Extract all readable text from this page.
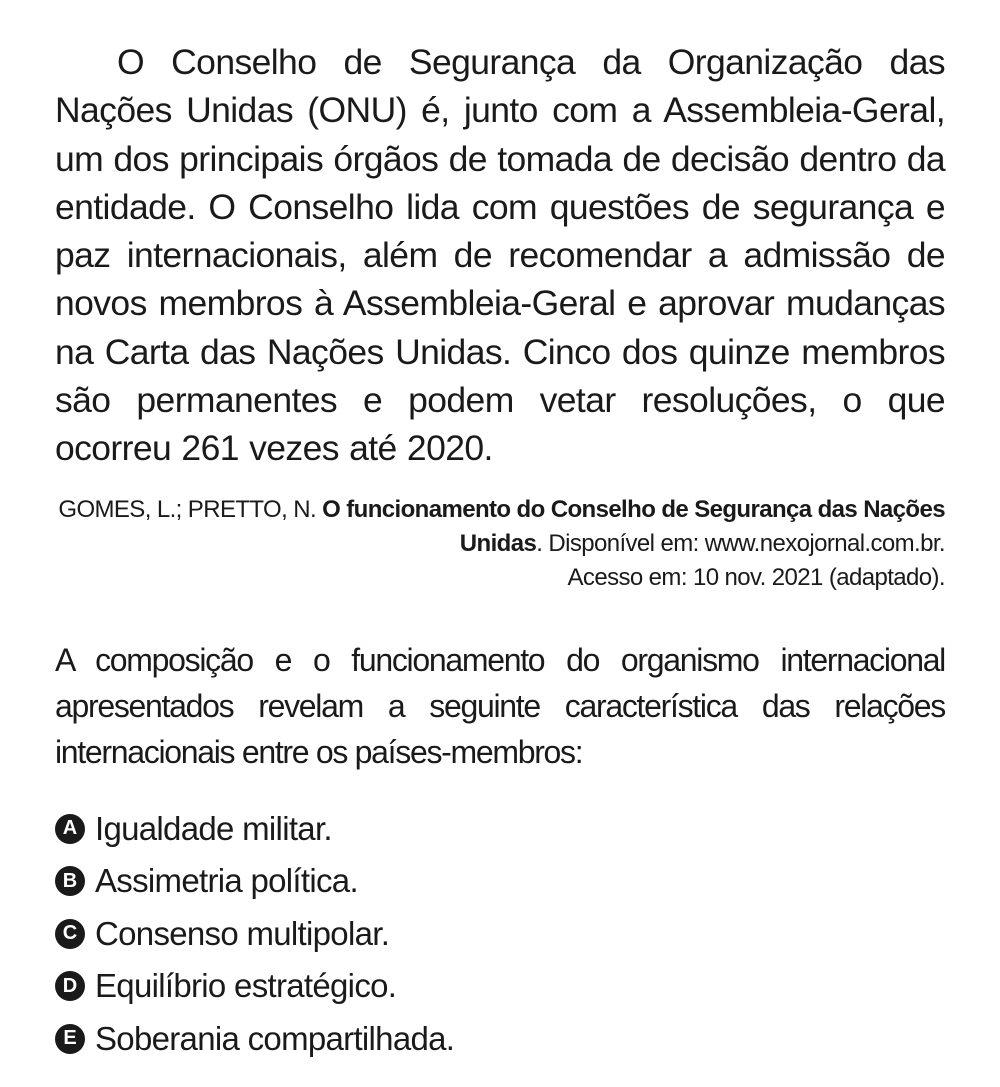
O Conselho de Segurança da Organização das Nações Unidas (ONU) é, junto com a Assembleia-Geral, um dos principais órgãos de tomada de decisão dentro da entidade. O Conselho lida com questões de segurança e paz internacionais, além de recomendar a admissão de novos membros à Assembleia-Geral e aprovar mudanças na Carta das Nações Unidas. Cinco dos quinze membros são permanentes e podem vetar resoluções, o que ocorreu 261 vezes até 2020.

GOMES, L.; PRETTO, N. O funcionamento do Conselho de Segurança das Nações Unidas. Disponível em: www.nexojornal.com.br.
Acesso em: 10 nov. 2021 (adaptado).

A composição e o funcionamento do organismo internacional apresentados revelam a seguinte característica das relações internacionais entre os países-membros:

A Igualdade militar.
B Assimetria política.
C Consenso multipolar.
D Equilíbrio estratégico.
E Soberania compartilhada.
